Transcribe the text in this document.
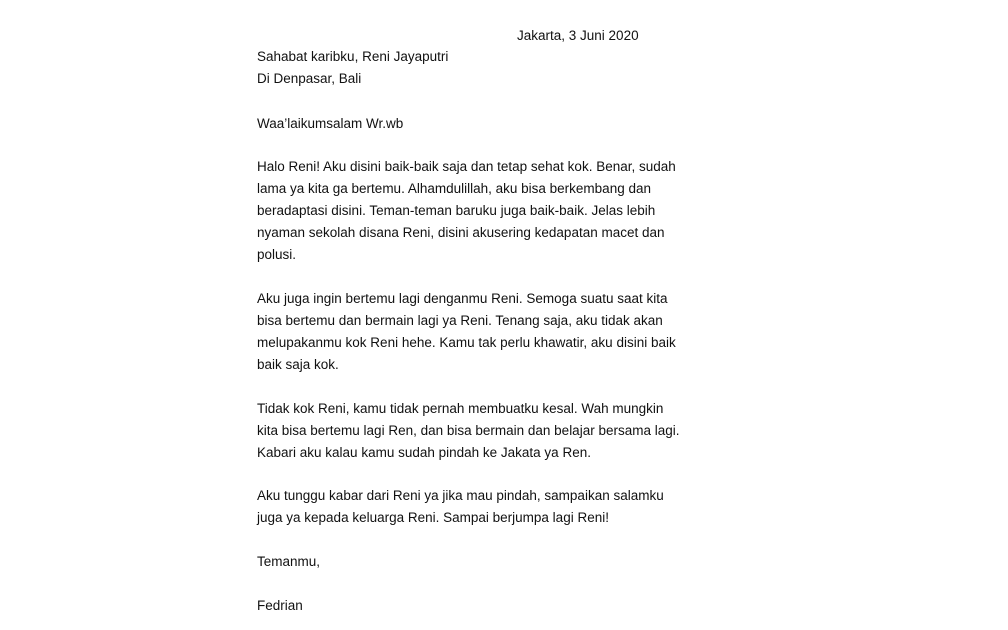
Jakarta, 3 Juni 2020
Sahabat karibku, Reni Jayaputri
Di Denpasar, Bali
Waa’laikumsalam Wr.wb
Halo Reni! Aku disini baik-baik saja dan tetap sehat kok. Benar, sudah
lama ya kita ga bertemu. Alhamdulillah, aku bisa berkembang dan
beradaptasi disini. Teman-teman baruku juga baik-baik. Jelas lebih
nyaman sekolah disana Reni, disini akusering kedapatan macet dan
polusi.
Aku juga ingin bertemu lagi denganmu Reni. Semoga suatu saat kita
bisa bertemu dan bermain lagi ya Reni. Tenang saja, aku tidak akan
melupakanmu kok Reni hehe. Kamu tak perlu khawatir, aku disini baik
baik saja kok.
Tidak kok Reni, kamu tidak pernah membuatku kesal. Wah mungkin
kita bisa bertemu lagi Ren, dan bisa bermain dan belajar bersama lagi.
Kabari aku kalau kamu sudah pindah ke Jakata ya Ren.
Aku tunggu kabar dari Reni ya jika mau pindah, sampaikan salamku
juga ya kepada keluarga Reni. Sampai berjumpa lagi Reni!
Temanmu,
Fedrian
